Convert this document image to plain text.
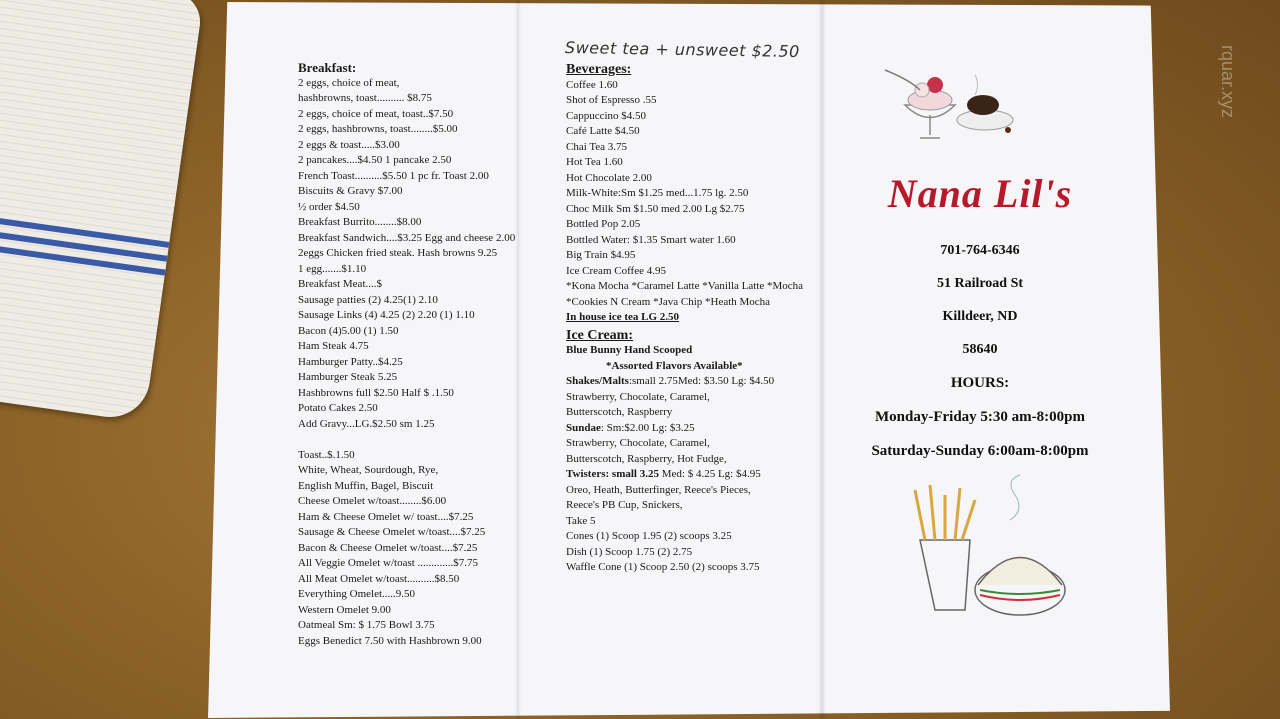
Sweet tea + unsweet $2.50
Breakfast:
2 eggs, choice of meat,
hashbrowns, toast.......... $8.75
2 eggs, choice of meat, toast..$7.50
2 eggs, hashbrowns, toast........$5.00
2 eggs & toast.....$3.00
2 pancakes....$4.50 1 pancake 2.50
French Toast..........$5.50 1 pc fr. Toast 2.00
Biscuits & Gravy $7.00
½ order $4.50
Breakfast Burrito........$8.00
Breakfast Sandwich....$3.25 Egg and cheese 2.00
2eggs Chicken fried steak. Hash browns 9.25
1 egg.......$1.10
Breakfast Meat....$
Sausage patties (2) 4.25(1) 2.10
Sausage Links (4) 4.25 (2) 2.20 (1) 1.10
Bacon (4)5.00 (1) 1.50
Ham Steak 4.75
Hamburger Patty..$4.25
Hamburger Steak 5.25
Hashbrowns full $2.50 Half $ .1.50
Potato Cakes 2.50
Add Gravy...LG.$2.50 sm 1.25

Toast..$.1.50
White, Wheat, Sourdough, Rye,
English Muffin, Bagel, Biscuit
Cheese Omelet w/toast........$6.00
Ham & Cheese Omelet w/ toast....$7.25
Sausage & Cheese Omelet w/toast....$7.25
Bacon & Cheese Omelet w/toast....$7.25
All Veggie Omelet w/toast .............$7.75
All Meat Omelet w/toast..........$8.50
Everything Omelet.....9.50
Western Omelet 9.00
Oatmeal Sm: $ 1.75 Bowl 3.75
Eggs Benedict 7.50 with Hashbrown 9.00
Beverages:
Coffee 1.60
Shot of Espresso .55
Cappuccino $4.50
Café Latte $4.50
Chai Tea 3.75
Hot Tea 1.60
Hot Chocolate 2.00
Milk-White:Sm $1.25 med...1.75 lg. 2.50
Choc Milk Sm $1.50 med 2.00 Lg $2.75
Bottled Pop 2.05
Bottled Water: $1.35 Smart water 1.60
Big Train $4.95
Ice Cream Coffee 4.95
*Kona Mocha *Caramel Latte *Vanilla Latte *Mocha
*Cookies N Cream *Java Chip *Heath Mocha
In house ice tea LG 2.50
Ice Cream:
Blue Bunny Hand Scooped
*Assorted Flavors Available*
Shakes/Malts:small 2.75Med: $3.50 Lg: $4.50
Strawberry, Chocolate, Caramel,
Butterscotch, Raspberry
Sundae: Sm:$2.00 Lg: $3.25
Strawberry, Chocolate, Caramel,
Butterscotch, Raspberry, Hot Fudge,
Twisters: small 3.25 Med: $ 4.25 Lg: $4.95
Oreo, Heath, Butterfinger, Reece's Pieces,
Reece's PB Cup, Snickers,
Take 5
Cones (1) Scoop 1.95 (2) scoops 3.25
Dish (1) Scoop 1.75 (2) 2.75
Waffle Cone (1) Scoop 2.50 (2) scoops 3.75
Nana Lil's
701-764-6346
51 Railroad St
Killdeer, ND
58640
HOURS:
Monday-Friday 5:30 am-8:00pm
Saturday-Sunday 6:00am-8:00pm
rquar.xyz
